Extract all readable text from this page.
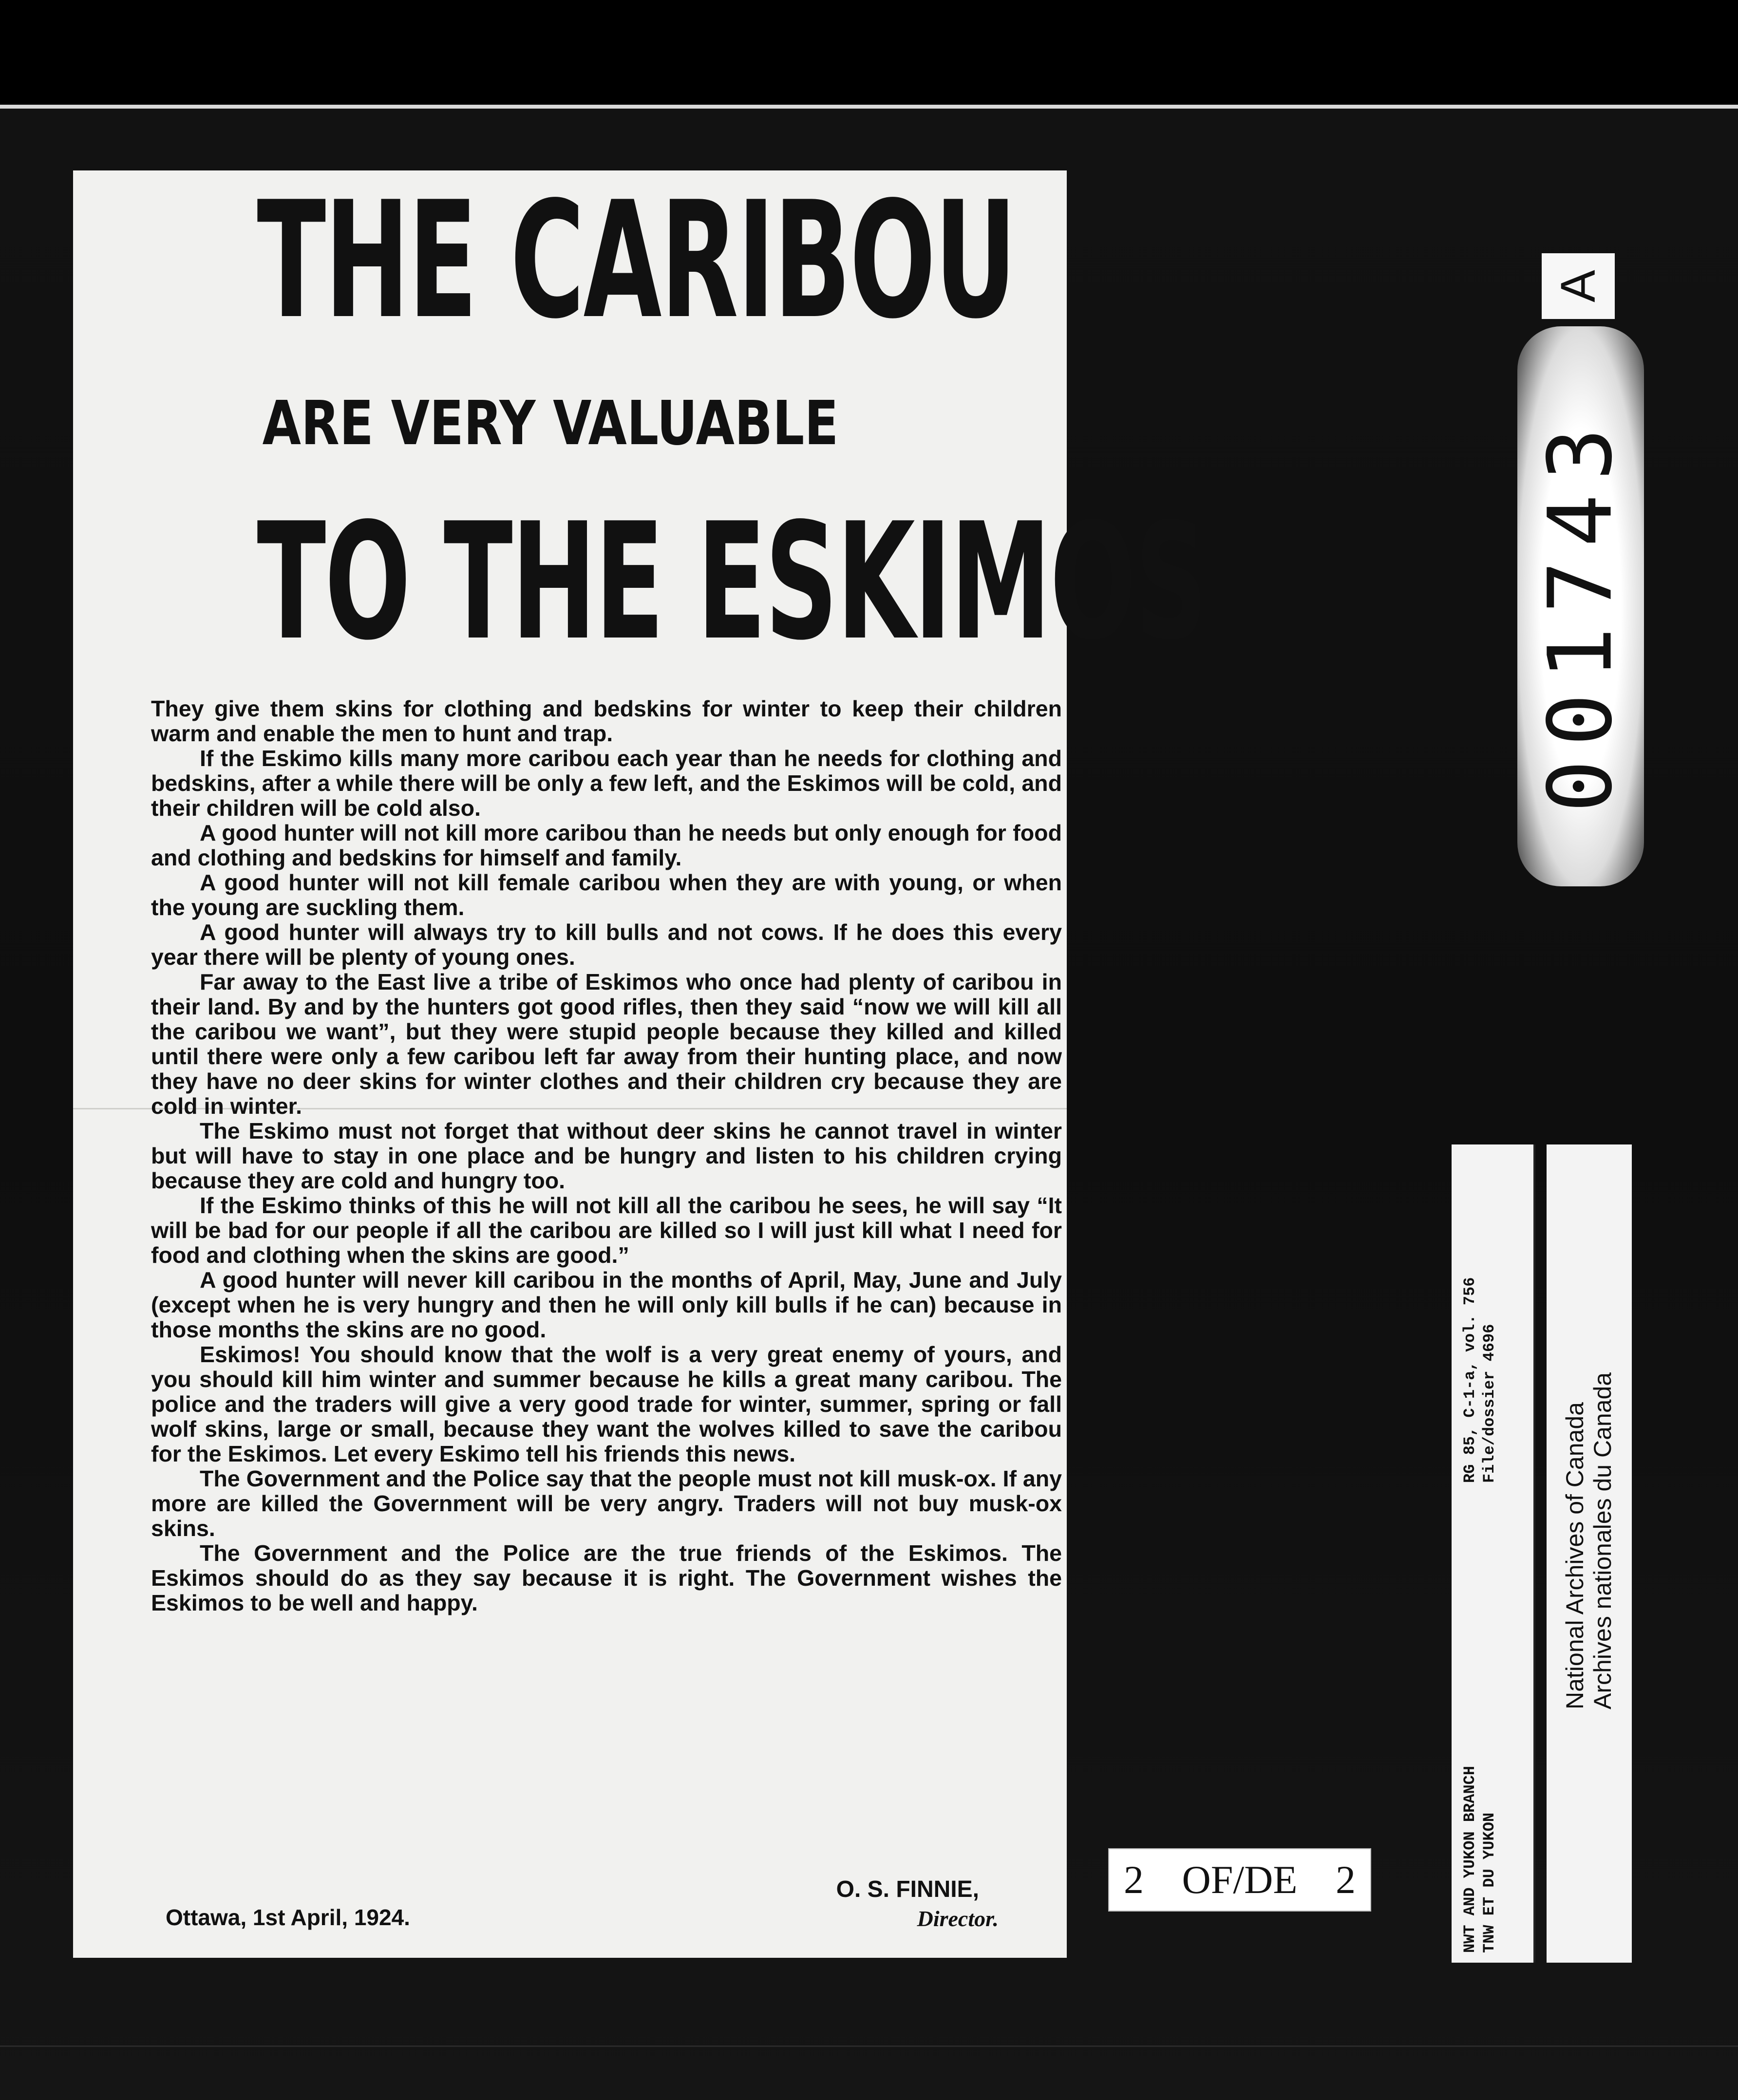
THE CARIBOU
ARE VERY VALUABLE
TO THE ESKIMOS

They give them skins for clothing and bedskins for winter to keep their children warm and enable the men to hunt and trap.

If the Eskimo kills many more caribou each year than he needs for clothing and bedskins, after a while there will be only a few left, and the Eskimos will be cold, and their children will be cold also.

A good hunter will not kill more caribou than he needs but only enough for food and clothing and bedskins for himself and family.

A good hunter will not kill female caribou when they are with young, or when the young are suckling them.

A good hunter will always try to kill bulls and not cows. If he does this every year there will be plenty of young ones.

Far away to the East live a tribe of Eskimos who once had plenty of caribou in their land. By and by the hunters got good rifles, then they said “now we will kill all the caribou we want”, but they were stupid people because they killed and killed until there were only a few caribou left far away from their hunting place, and now they have no deer skins for winter clothes and their children cry because they are cold in winter.

The Eskimo must not forget that without deer skins he cannot travel in winter but will have to stay in one place and be hungry and listen to his children crying because they are cold and hungry too.

If the Eskimo thinks of this he will not kill all the caribou he sees, he will say “It will be bad for our people if all the caribou are killed so I will just kill what I need for food and clothing when the skins are good.”

A good hunter will never kill caribou in the months of April, May, June and July (except when he is very hungry and then he will only kill bulls if he can) because in those months the skins are no good.

Eskimos! You should know that the wolf is a very great enemy of yours, and you should kill him winter and summer because he kills a great many caribou. The police and the traders will give a very good trade for winter, summer, spring or fall wolf skins, large or small, because they want the wolves killed to save the caribou for the Eskimos. Let every Eskimo tell his friends this news.

The Government and the Police say that the people must not kill musk-ox. If any more are killed the Government will be very angry. Traders will not buy musk-ox skins.

The Government and the Police are the true friends of the Eskimos. The Eskimos should do as they say because it is right. The Government wishes the Eskimos to be well and happy.

O. S. FINNIE,
Director.
Ottawa, 1st April, 1924.
A
001743
2 OF/DE 2
RG 85, C-1-a, vol. 756 File/dossier 4696
NWT AND YUKON BRANCH TNW ET DU YUKON
National Archives of Canada Archives nationales du Canada
